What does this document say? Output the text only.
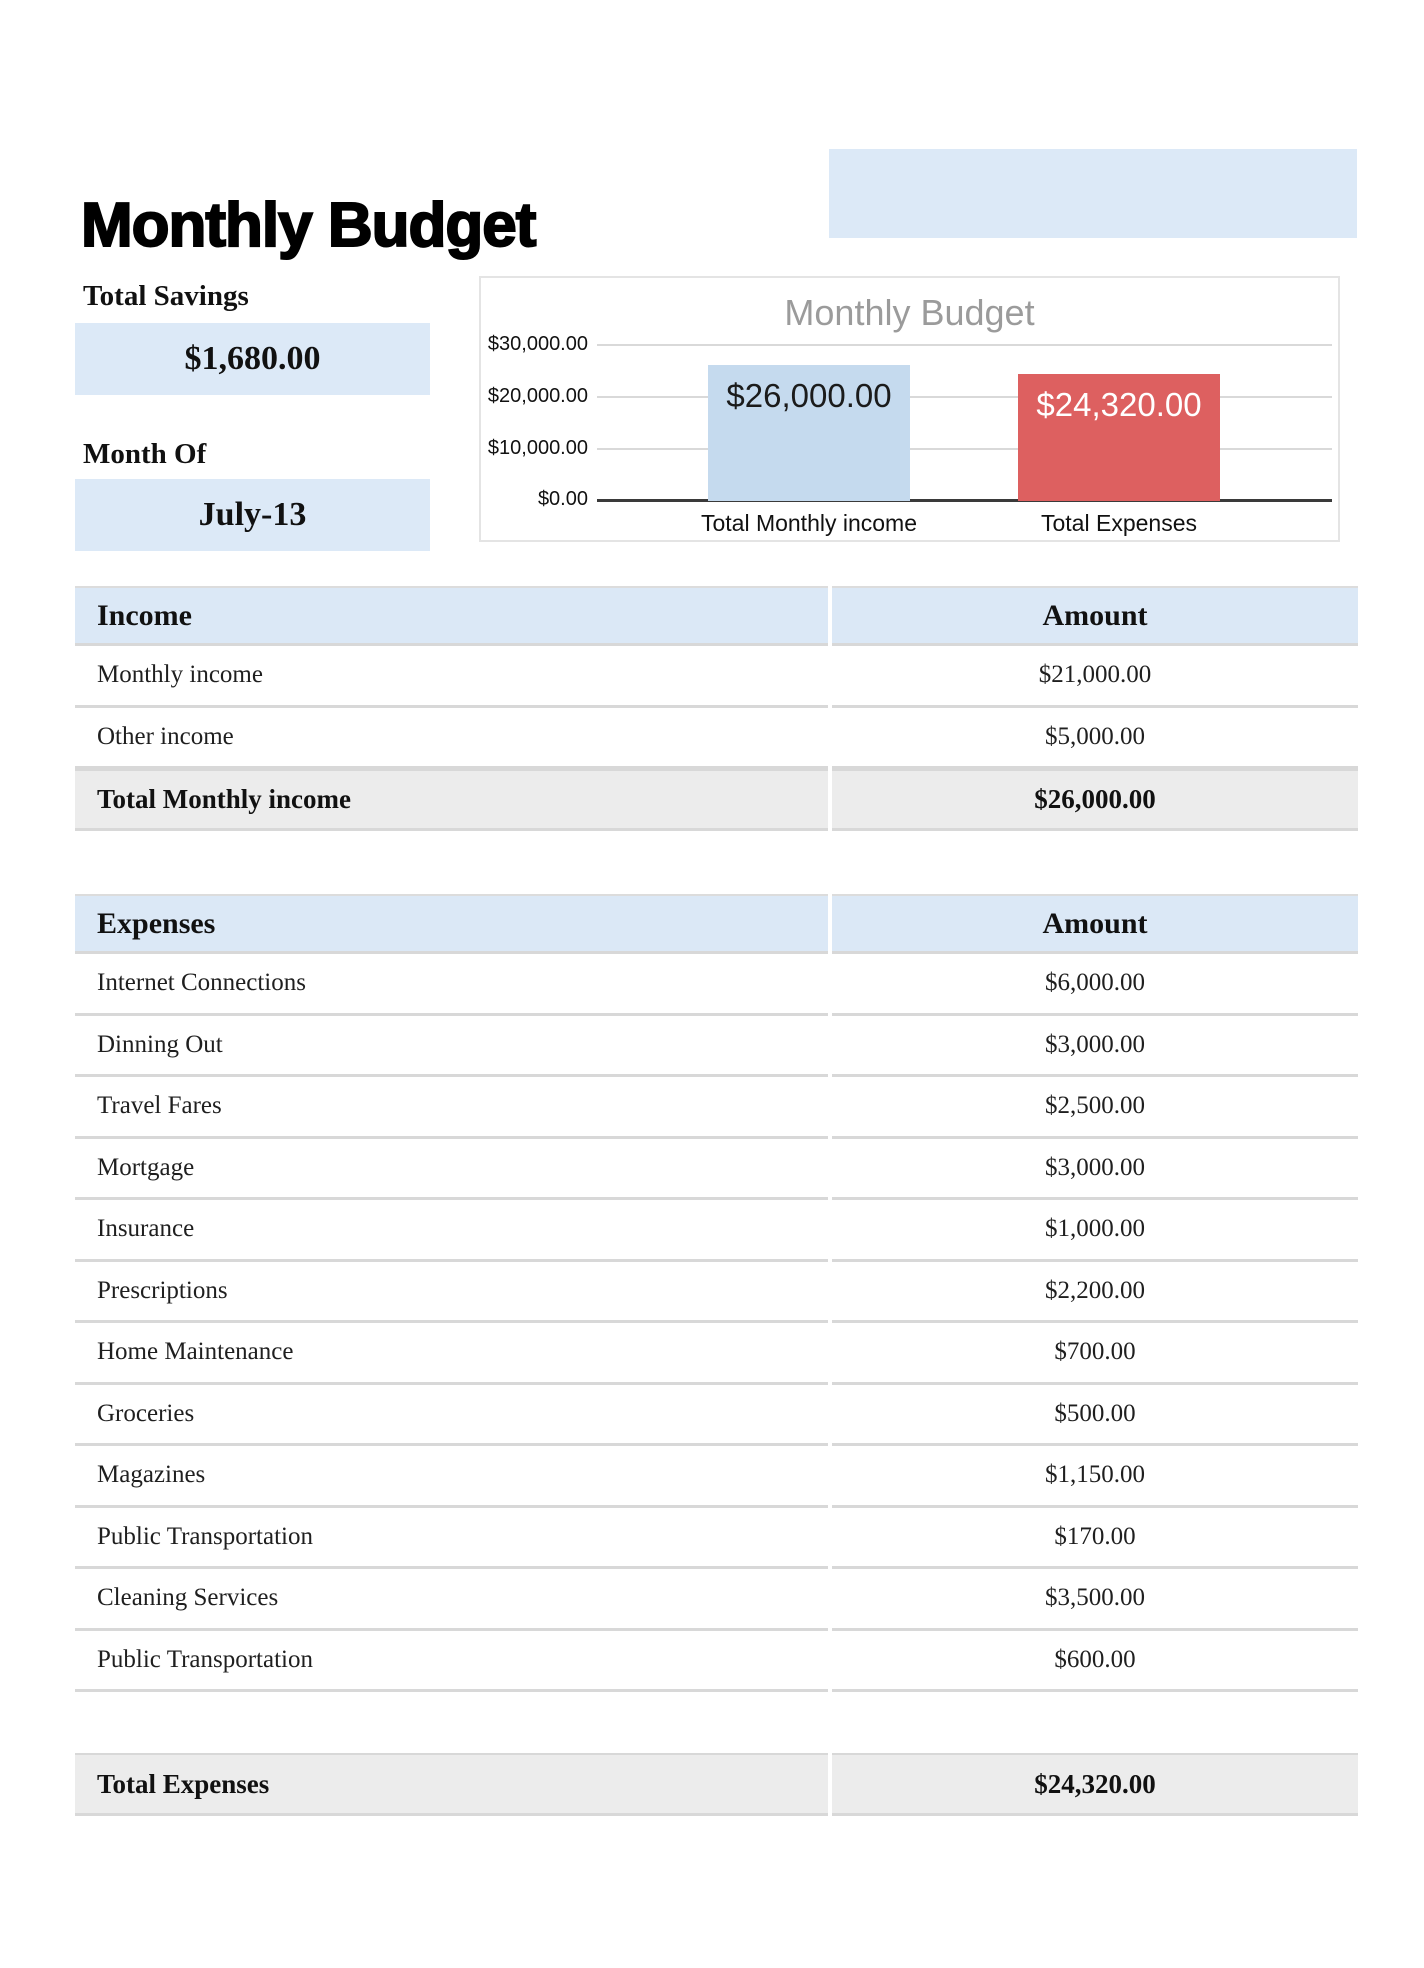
Monthly Budget
Total Savings
$1,680.00
Month Of
July-13
Monthly Budget
$30,000.00
$20,000.00
$10,000.00
$0.00
$26,000.00	$24,320.00
Total Monthly income	Total Expenses
Income	Amount
Monthly income	$21,000.00
Other income	$5,000.00
Total Monthly income	$26,000.00
Expenses	Amount
Internet Connections	$6,000.00
Dinning Out	$3,000.00
Travel Fares	$2,500.00
Mortgage	$3,000.00
Insurance	$1,000.00
Prescriptions	$2,200.00
Home Maintenance	$700.00
Groceries	$500.00
Magazines	$1,150.00
Public Transportation	$170.00
Cleaning Services	$3,500.00
Public Transportation	$600.00
Total Expenses	$24,320.00
